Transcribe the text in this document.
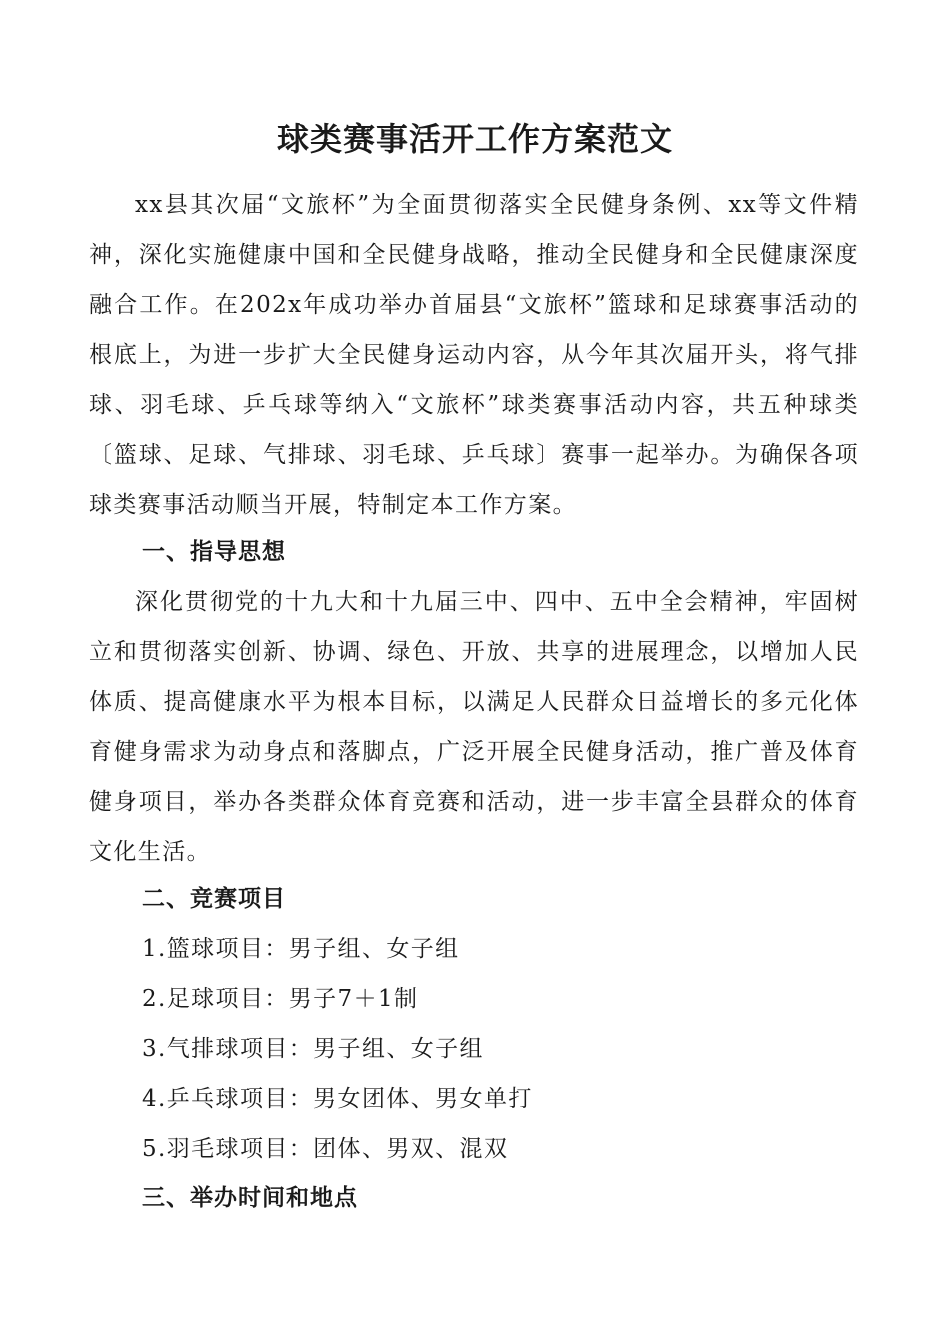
球类赛事活开工作方案范文

xx县其次届“文旅杯”为全面贯彻落实全民健身条例、xx等文件精神，深化实施健康中国和全民健身战略，推动全民健身和全民健康深度融合工作。在202x年成功举办首届县“文旅杯”篮球和足球赛事活动的根底上，为进一步扩大全民健身运动内容，从今年其次届开头，将气排球、羽毛球、乒乓球等纳入“文旅杯”球类赛事活动内容，共五种球类〔篮球、足球、气排球、羽毛球、乒乓球〕赛事一起举办。为确保各项球类赛事活动顺当开展，特制定本工作方案。

一、指导思想

深化贯彻党的十九大和十九届三中、四中、五中全会精神，牢固树立和贯彻落实创新、协调、绿色、开放、共享的进展理念，以增加人民体质、提高健康水平为根本目标，以满足人民群众日益增长的多元化体育健身需求为动身点和落脚点，广泛开展全民健身活动，推广普及体育健身项目，举办各类群众体育竞赛和活动，进一步丰富全县群众的体育文化生活。

二、竞赛项目

1.篮球项目：男子组、女子组

2.足球项目：男子7＋1制

3.气排球项目：男子组、女子组

4.乒乓球项目：男女团体、男女单打

5.羽毛球项目：团体、男双、混双

三、举办时间和地点
